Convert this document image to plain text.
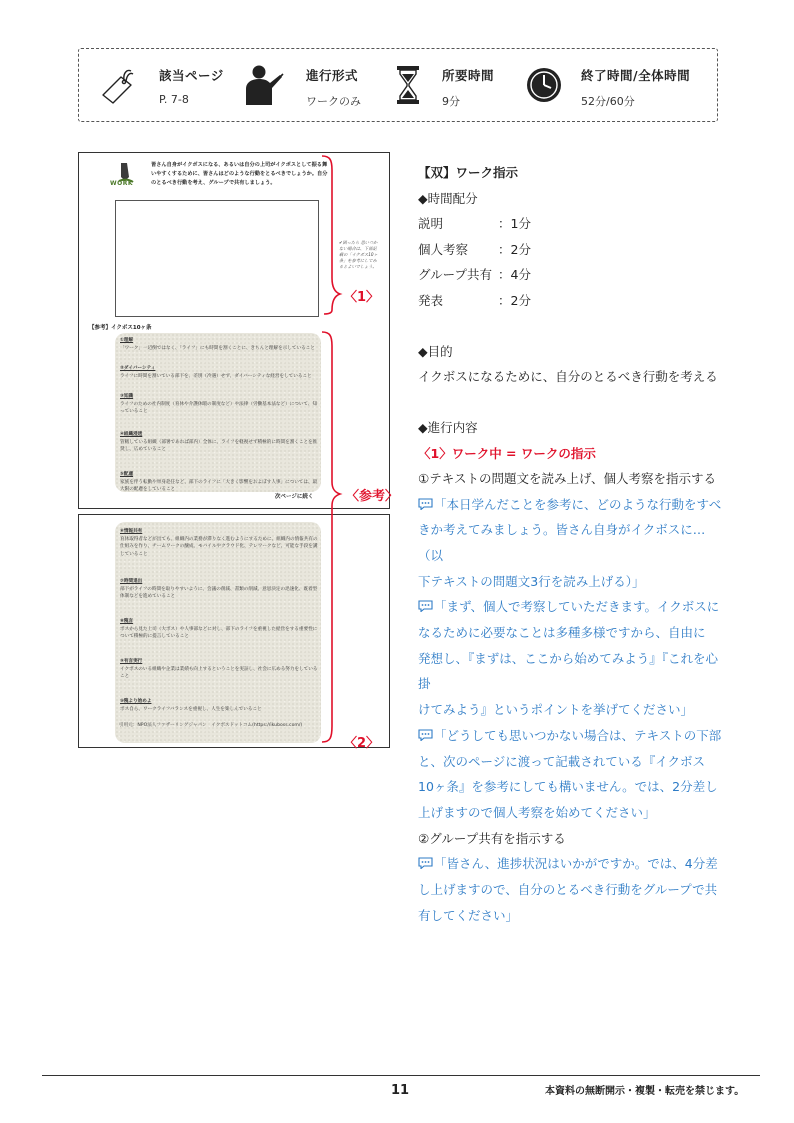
該当ページ
P. 7-8
進行形式
ワークのみ
所要時間
9分
終了時間/全体時間
52分/60分
WORK
皆さん自身がイクボスになる、あるいは自分の上司がイクボスとして振る舞いやすくするために、皆さんはどのような行動をとるべきでしょうか。自分のとるべき行動を考え、グループで共有しましょう。
✔困ったら 思いつかない場合は、下部記載の「イクボス10ヶ条」を参考にしてみるとよいでしょう。
【参考】イクボス10ヶ条
①理解
「ワーク」一辺倒ではなく、「ライフ」にも時間を割くことに、きちんと理解を示していること
②ダイバーシティ
ライフに時間を割いている部下を、差別（冷遇）せず、ダイバーシティな経営をしていること
③知識
ライフのための社内制度（育休や介護休暇の制度など）や法律（労働基本法など）について、知っていること
④組織浸透
管轄している組織（部署であれば部内）全体に、ライフを軽視せず積極的に時間を割くことを推奨し、広めていること
⑤配慮
家族を伴う転勤や単身赴任など、部下のライフに「大きく影響をおよぼす人事」については、最大限の配慮をしていること
次ページに続く
⑥情報共有
育休取得者などが出ても、組織内の業務が滞りなく進むようにするために、組織内の情報共有の仕組みを作り、チームワークの醸成、モバイルやクラウド化、テレワークなど、可能な手段を講じていること
⑦時間退出
部下がライフの時間を取りやすいように、会議の削減、書類の削減、意思決定の迅速化、既着型体制などを進めていること
⑧隗言
ボスから見た上司（大ボス）や人事部などに対し、部下のライフを重視した経営をする重要性について積極的に提言していること
⑨有言実行
イクボスのいる組織や企業は業績も向上するということを実証し、社会に広める努力をしていること
⑩隗より始めよ
ボス自ら、ワークライフバランスを重視し、人生を楽しんでいること
引用元：NPO法人ファザーリングジャパン　イクボスドットコム(https://ikuboss.com/)
〈1〉
〈参考〉
〈2〉
【双】ワーク指示
◆時間配分
説明	：1分
個人考察 ：2分
グループ共有 ：4分
発表	：2分
◆目的
イクボスになるために、自分のとるべき行動を考える
◆進行内容
〈1〉ワーク中 = ワークの指示
①テキストの問題文を読み上げ、個人考察を指示する
「本日学んだことを参考に、どのような行動をすべ
きか考えてみましょう。皆さん自身がイクボスに…（以
下テキストの問題文3行を読み上げる）」
「まず、個人で考察していただきます。イクボスに
なるために必要なことは多種多様ですから、自由に
発想し、『まずは、ここから始めてみよう』『これを心掛
けてみよう』というポイントを挙げてください」
「どうしても思いつかない場合は、テキストの下部
と、次のページに渡って記載されている『イクボス
10ヶ条』を参考にしても構いません。では、2分差し
上げますので個人考察を始めてください」
②グループ共有を指示する
「皆さん、進捗状況はいかがですか。では、4分差
し上げますので、自分のとるべき行動をグループで共
有してください」
11	本資料の無断開示・複製・転売を禁じます。
